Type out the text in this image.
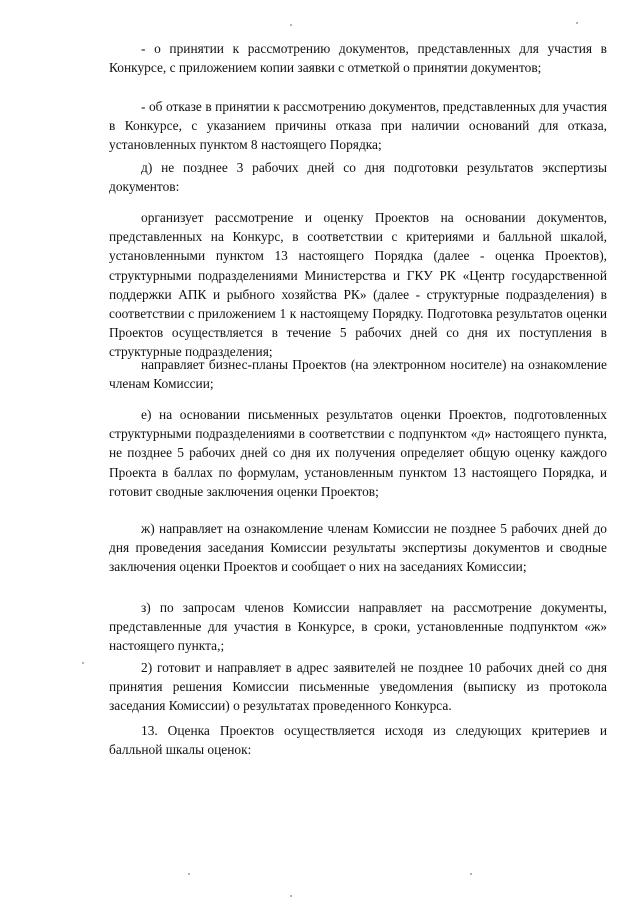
- о принятии к рассмотрению документов, представленных для участия в Конкурсе, с приложением копии заявки с отметкой о принятии документов;

- об отказе в принятии к рассмотрению документов, представленных для участия в Конкурсе, с указанием причины отказа при наличии оснований для отказа, установленных пунктом 8 настоящего Порядка;

д) не позднее 3 рабочих дней со дня подготовки результатов экспертизы документов:

организует рассмотрение и оценку Проектов на основании документов, представленных на Конкурс, в соответствии с критериями и балльной шкалой, установленными пунктом 13 настоящего Порядка (далее - оценка Проектов), структурными подразделениями Министерства и ГКУ РК «Центр государственной поддержки АПК и рыбного хозяйства РК» (далее - структурные подразделения) в соответствии с приложением 1 к настоящему Порядку. Подготовка результатов оценки Проектов осуществляется в течение 5 рабочих дней со дня их поступления в структурные подразделения;

направляет бизнес-планы Проектов (на электронном носителе) на ознакомление членам Комиссии;

е) на основании письменных результатов оценки Проектов, подготовленных структурными подразделениями в соответствии с подпунктом «д» настоящего пункта, не позднее 5 рабочих дней со дня их получения определяет общую оценку каждого Проекта в баллах по формулам, установленным пунктом 13 настоящего Порядка, и готовит сводные заключения оценки Проектов;

ж) направляет на ознакомление членам Комиссии не позднее 5 рабочих дней до дня проведения заседания Комиссии результаты экспертизы документов и сводные заключения оценки Проектов и сообщает о них на заседаниях Комиссии;

з) по запросам членов Комиссии направляет на рассмотрение документы, представленные для участия в Конкурсе, в сроки, установленные подпунктом «ж» настоящего пункта,;

2) готовит и направляет в адрес заявителей не позднее 10 рабочих дней со дня принятия решения Комиссии письменные уведомления (выписку из протокола заседания Комиссии) о результатах проведенного Конкурса.

13. Оценка Проектов осуществляется исходя из следующих критериев и балльной шкалы оценок:
